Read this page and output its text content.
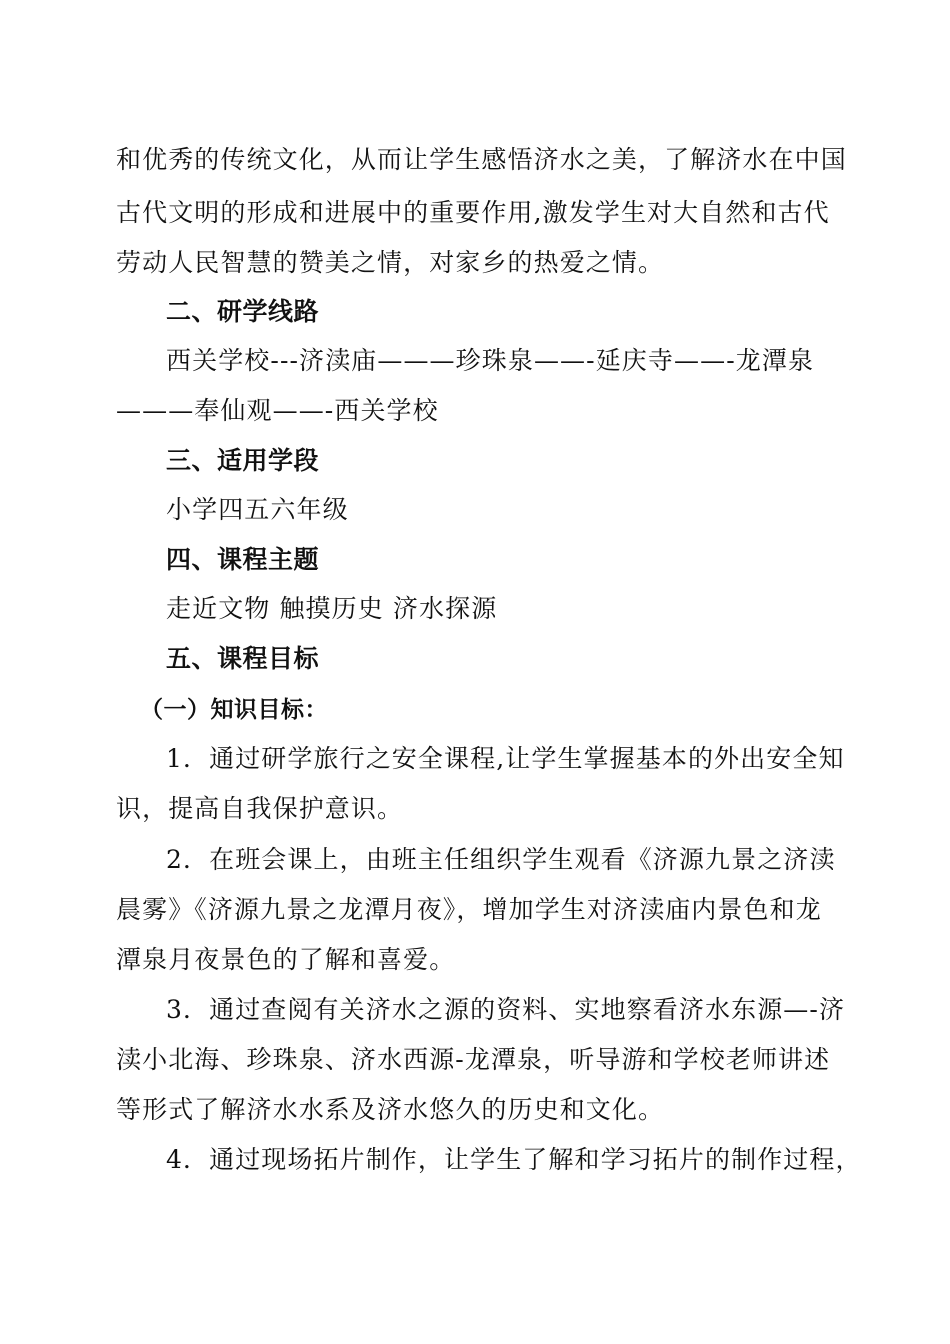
和优秀的传统文化，从而让学生感悟济水之美，了解济水在中国
古代文明的形成和进展中的重要作用,激发学生对大自然和古代
劳动人民智慧的赞美之情，对家乡的热爱之情。
二、研学线路
西关学校---济渎庙———珍珠泉——-延庆寺——-龙潭泉
———奉仙观——-西关学校
三、适用学段
小学四五六年级
四、课程主题
走近文物 触摸历史 济水探源
五、课程目标
（一）知识目标：
1．通过研学旅行之安全课程,让学生掌握基本的外出安全知
识，提高自我保护意识。
2．在班会课上，由班主任组织学生观看《济源九景之济渎
晨雾》《济源九景之龙潭月夜》，增加学生对济渎庙内景色和龙
潭泉月夜景色的了解和喜爱。
3．通过查阅有关济水之源的资料、实地察看济水东源—-济
渎小北海、珍珠泉、济水西源-龙潭泉，听导游和学校老师讲述
等形式了解济水水系及济水悠久的历史和文化。
4．通过现场拓片制作，让学生了解和学习拓片的制作过程，
